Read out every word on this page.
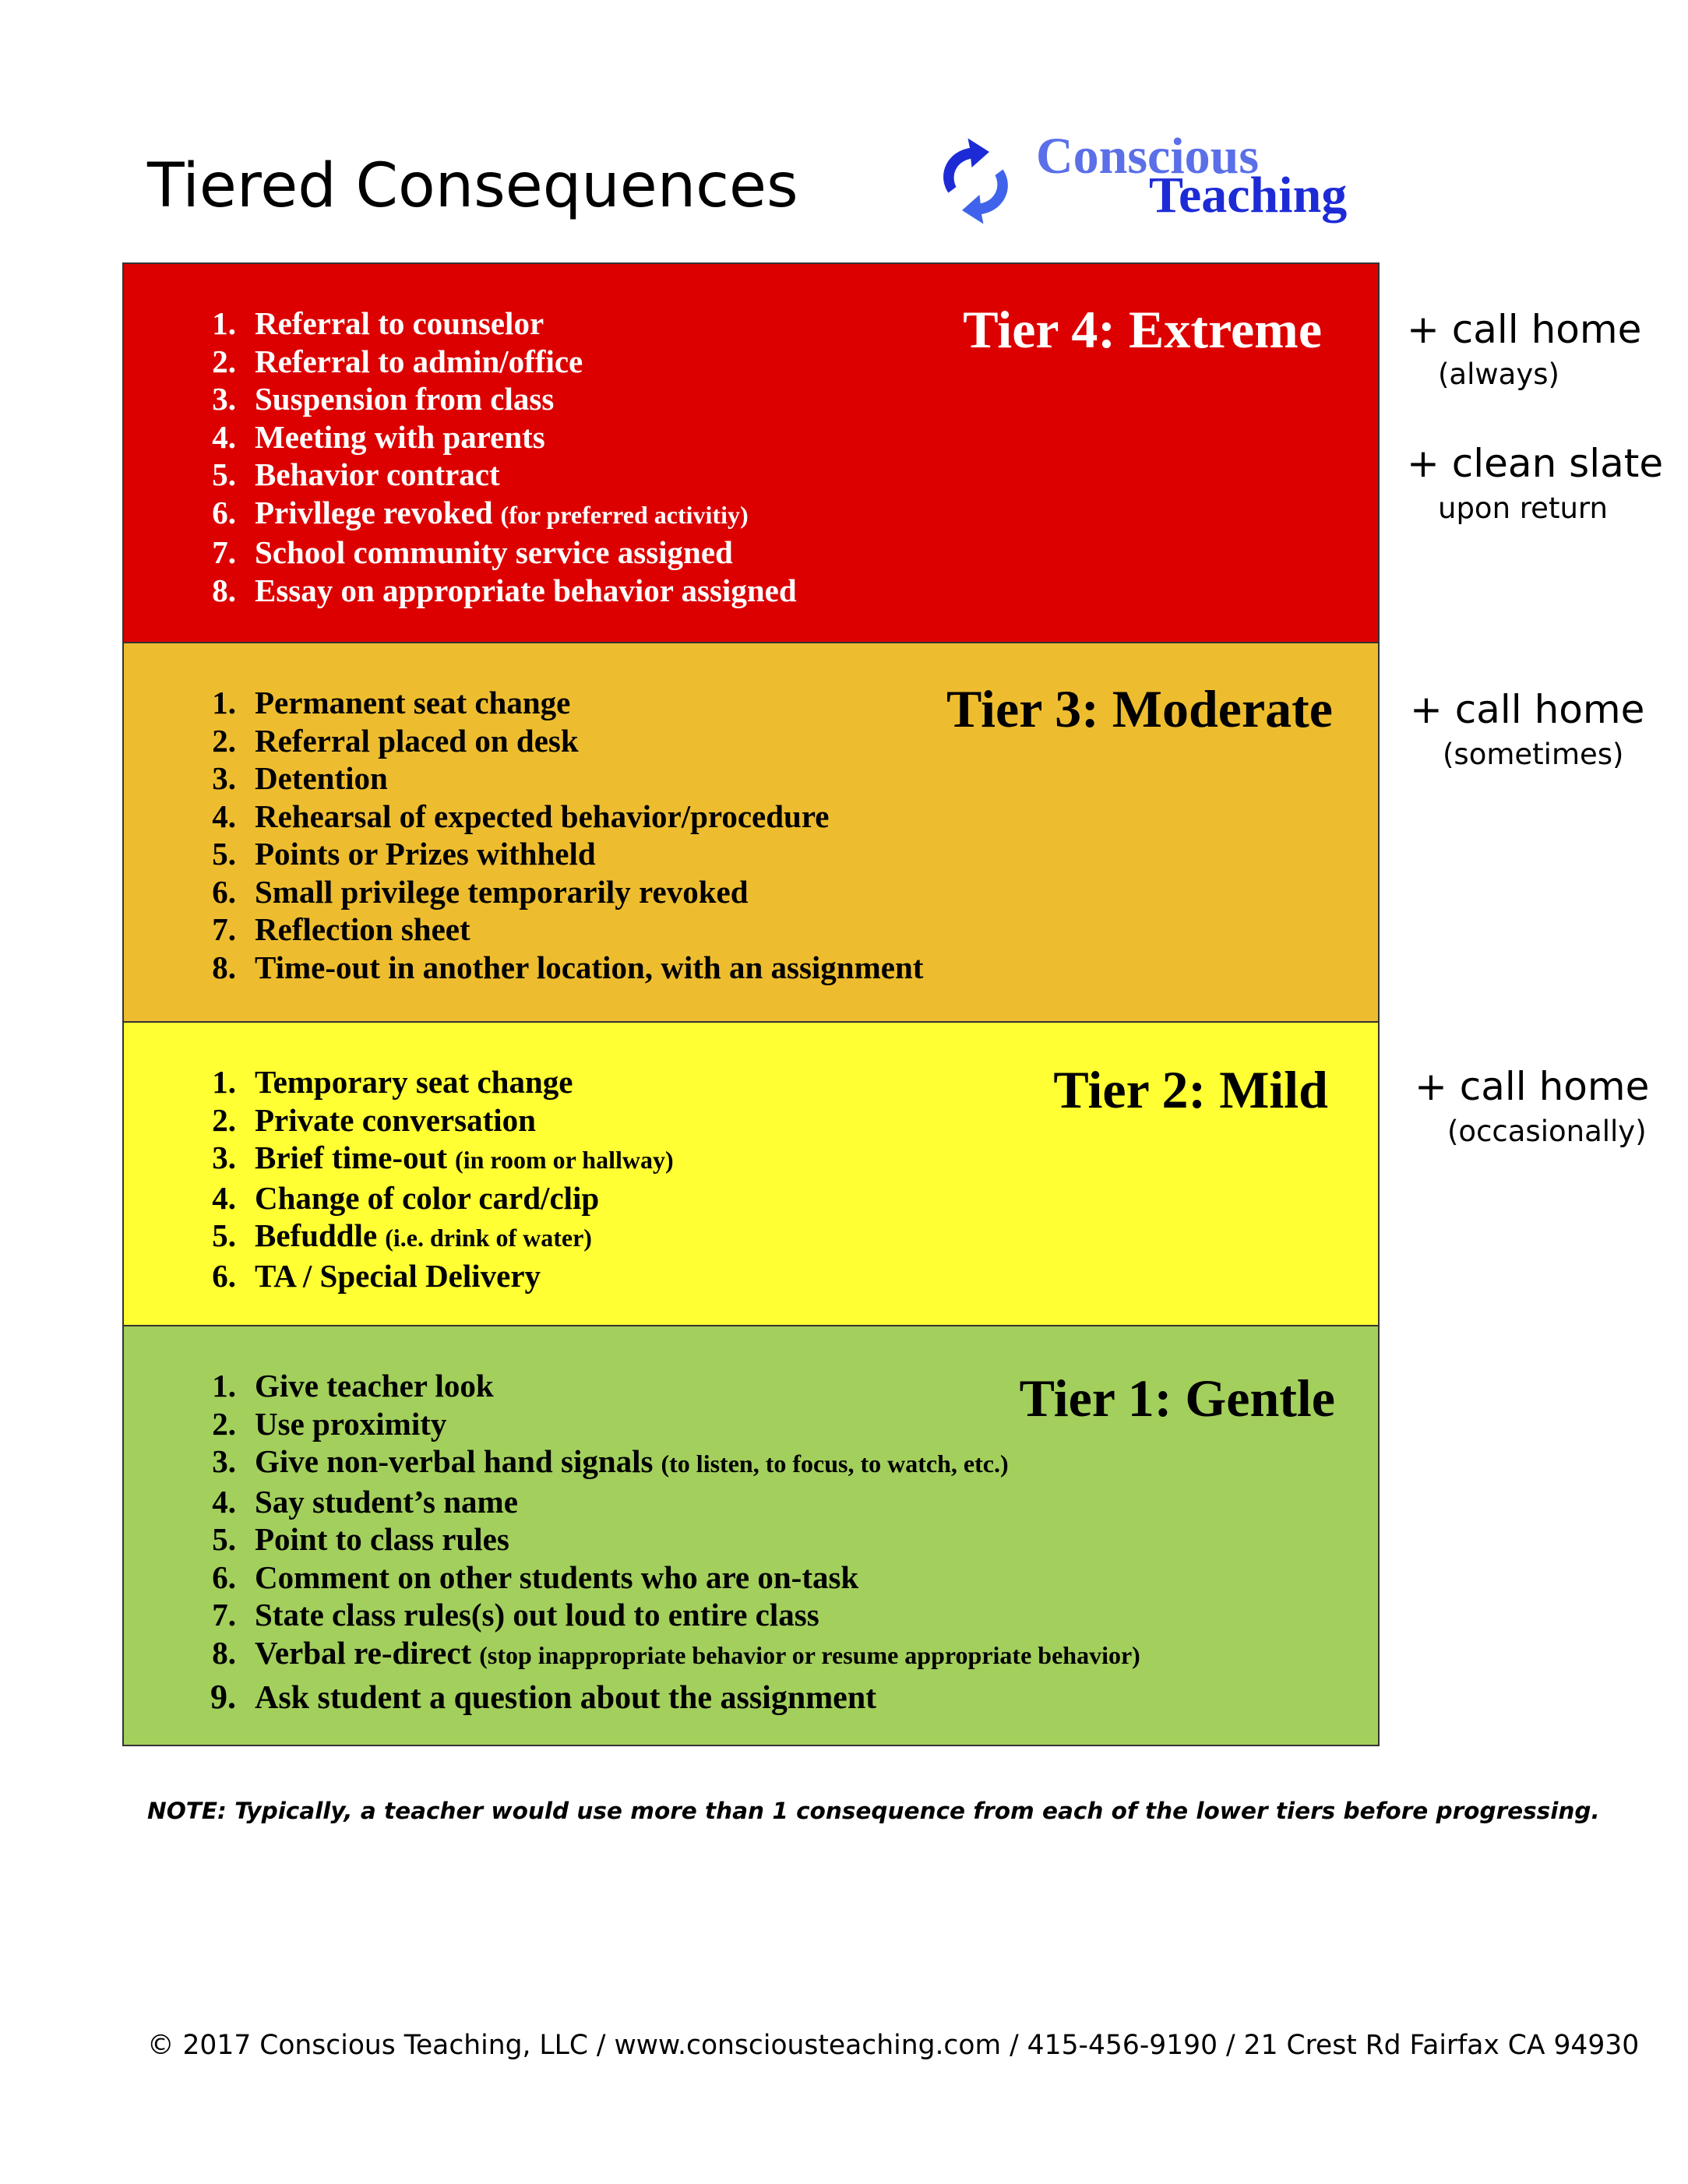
Tiered Consequences	Conscious
Teaching
Tier 4: Extreme
1. Referral to counselor
2. Referral to admin/office
3. Suspension from class
4. Meeting with parents
5. Behavior contract
6. Privllege revoked (for preferred activitiy)
7. School community service assigned
8. Essay on appropriate behavior assigned
Tier 3: Moderate
1. Permanent seat change
2. Referral placed on desk
3. Detention
4. Rehearsal of expected behavior/procedure
5. Points or Prizes withheld
6. Small privilege temporarily revoked
7. Reflection sheet
8. Time-out in another location, with an assignment
Tier 2: Mild
1. Temporary seat change
2. Private conversation
3. Brief time-out (in room or hallway)
4. Change of color card/clip
5. Befuddle (i.e. drink of water)
6. TA / Special Delivery
Tier 1: Gentle
1. Give teacher look
2. Use proximity
3. Give non-verbal hand signals (to listen, to focus, to watch, etc.)
4. Say student’s name
5. Point to class rules
6. Comment on other students who are on-task
7. State class rules(s) out loud to entire class
8. Verbal re-direct (stop inappropriate behavior or resume appropriate behavior)
9. Ask student a question about the assignment
+ call home
(always)
+ clean slate
upon return
+ call home
(sometimes)
+ call home
(occasionally)
NOTE: Typically, a teacher would use more than 1 consequence from each of the lower tiers before progressing.
© 2017 Conscious Teaching, LLC / www.consciousteaching.com / 415-456-9190 / 21 Crest Rd Fairfax CA 94930
